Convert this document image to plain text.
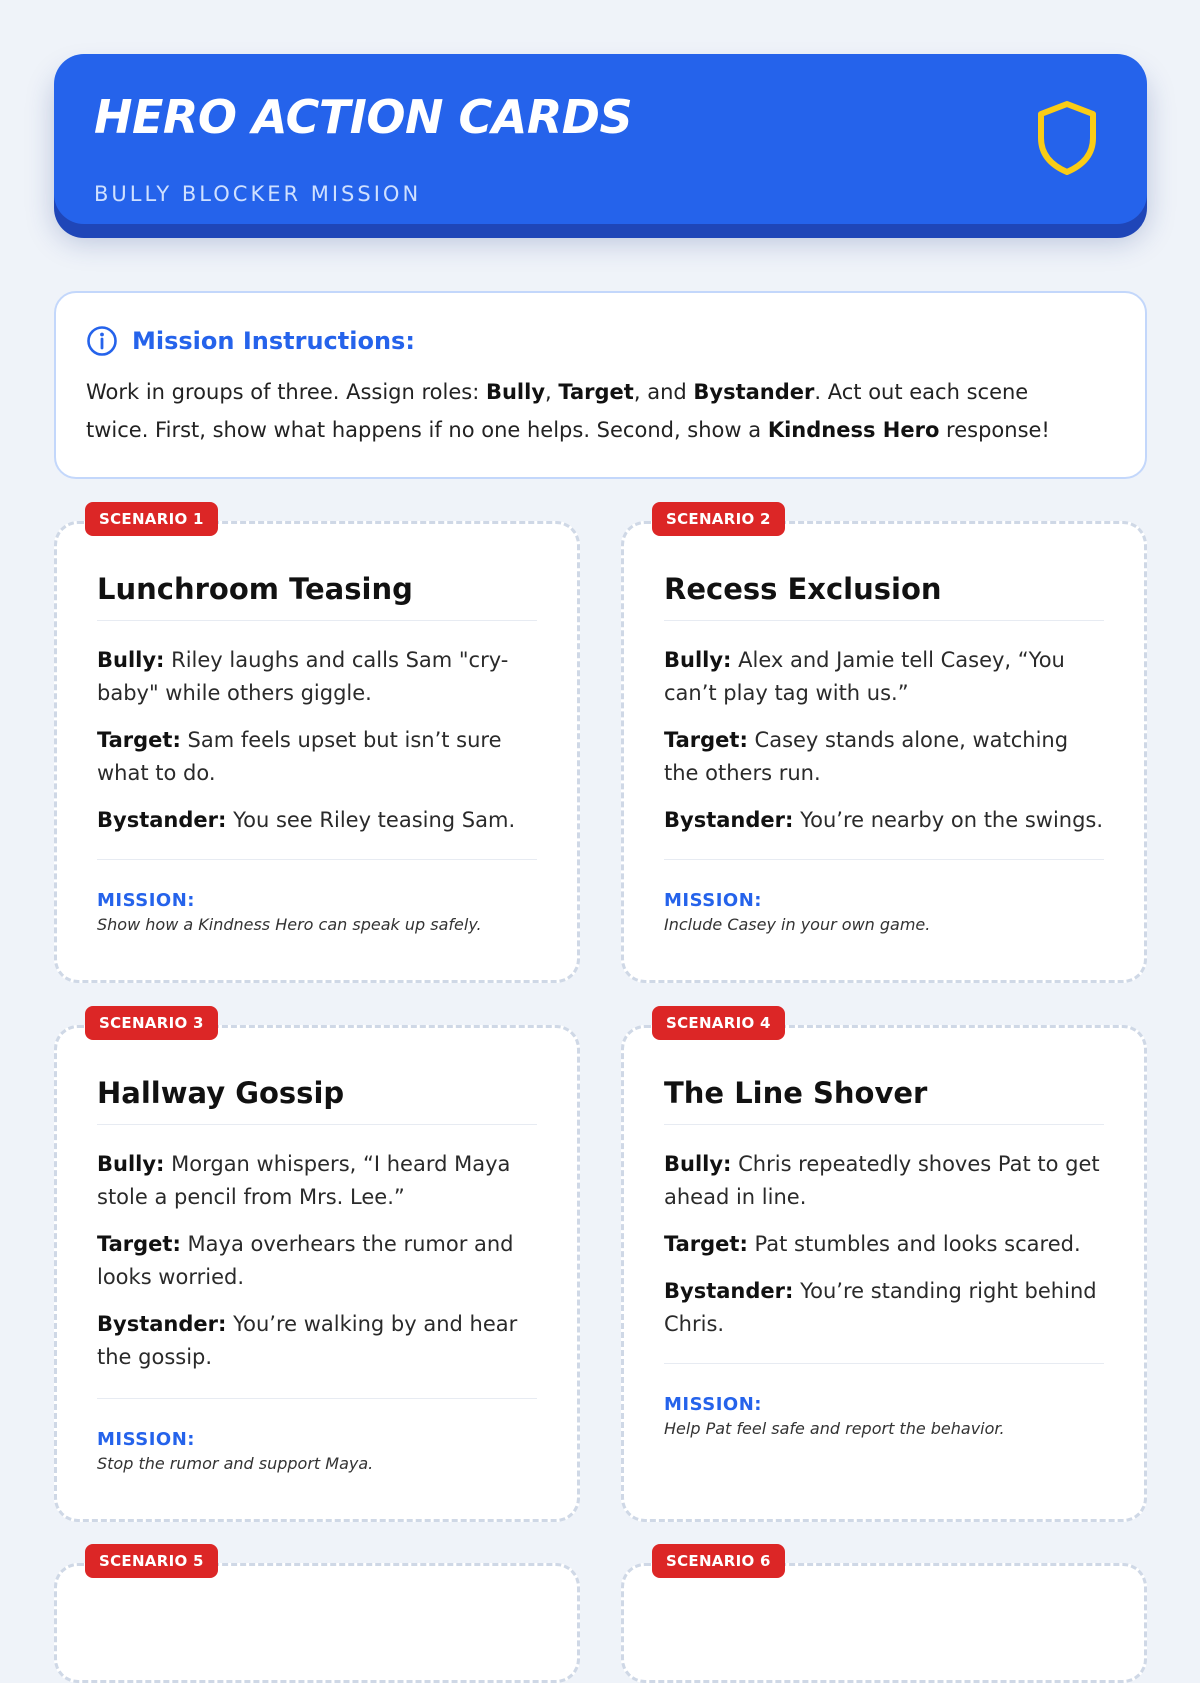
HERO ACTION CARDS
BULLY BLOCKER MISSION
Mission Instructions:

Work in groups of three. Assign roles: Bully, Target, and Bystander. Act out each scene twice. First, show what happens if no one helps. Second, show a Kindness Hero response!

SCENARIO 1
Lunchroom Teasing

Bully: Riley laughs and calls Sam "cry-baby" while others giggle.

Target: Sam feels upset but isn’t sure what to do.

Bystander: You see Riley teasing Sam.

MISSION:
Show how a Kindness Hero can speak up safely.
SCENARIO 2
Recess Exclusion

Bully: Alex and Jamie tell Casey, “You can’t play tag with us.”

Target: Casey stands alone, watching the others run.

Bystander: You’re nearby on the swings.

MISSION:
Include Casey in your own game.
SCENARIO 3
Hallway Gossip

Bully: Morgan whispers, “I heard Maya stole a pencil from Mrs. Lee.”

Target: Maya overhears the rumor and looks worried.

Bystander: You’re walking by and hear the gossip.

MISSION:
Stop the rumor and support Maya.
SCENARIO 4
The Line Shover

Bully: Chris repeatedly shoves Pat to get ahead in line.

Target: Pat stumbles and looks scared.

Bystander: You’re standing right behind Chris.

MISSION:
Help Pat feel safe and report the behavior.
SCENARIO 5	SCENARIO 6
